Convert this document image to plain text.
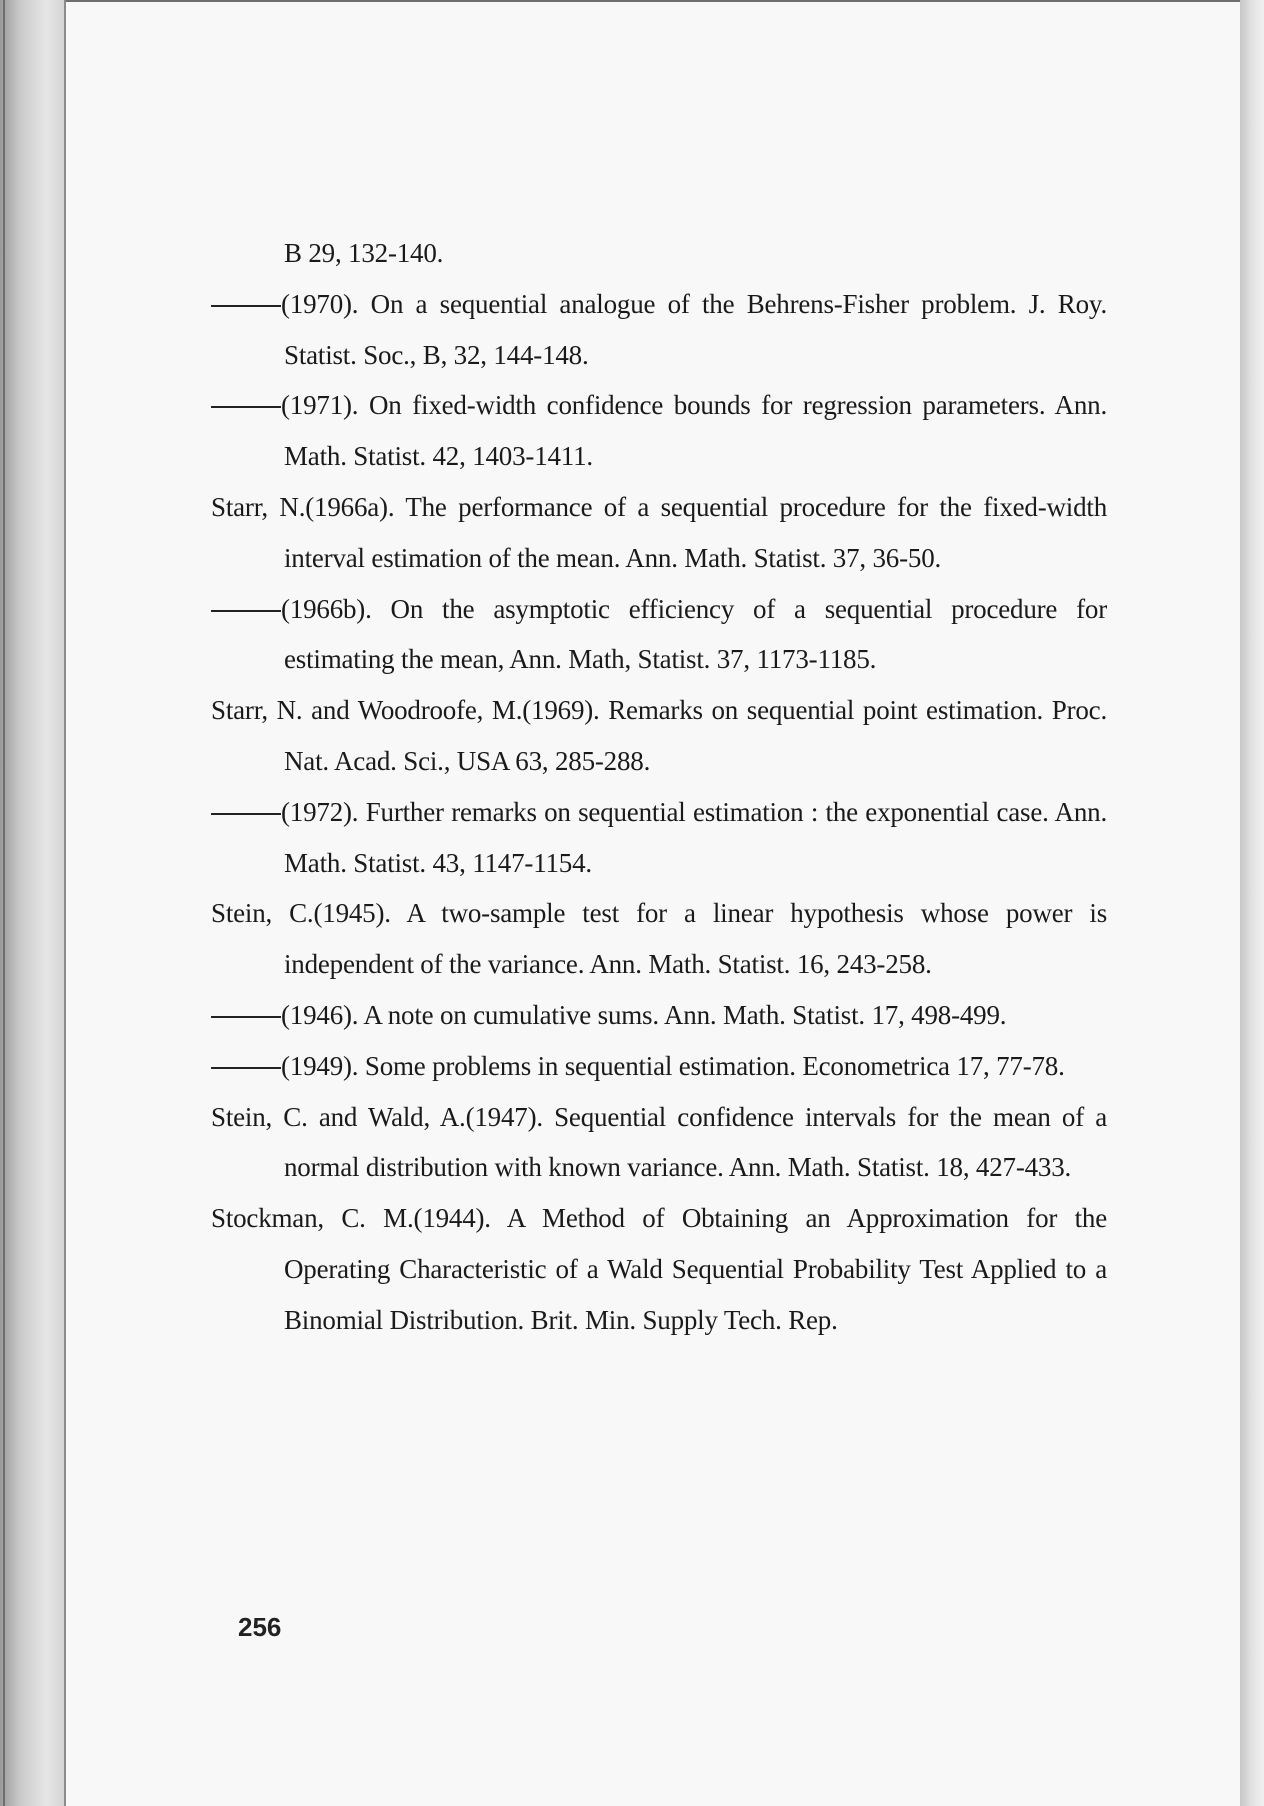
B 29, 132-140.
(1970). On a sequential analogue of the Behrens-Fisher problem. J. Roy. Statist. Soc., B, 32, 144-148.
(1971). On fixed-width confidence bounds for regression parameters. Ann. Math. Statist. 42, 1403-1411.
Starr, N.(1966a). The performance of a sequential procedure for the fixed-width interval estimation of the mean. Ann. Math. Statist. 37, 36-50.
(1966b). On the asymptotic efficiency of a sequential procedure for estimating the mean, Ann. Math, Statist. 37, 1173-1185.
Starr, N. and Woodroofe, M.(1969). Remarks on sequential point estimation. Proc. Nat. Acad. Sci., USA 63, 285-288.
(1972). Further remarks on sequential estimation : the exponential case. Ann. Math. Statist. 43, 1147-1154.
Stein, C.(1945). A two-sample test for a linear hypothesis whose power is independent of the variance. Ann. Math. Statist. 16, 243-258.
(1946). A note on cumulative sums. Ann. Math. Statist. 17, 498-499.
(1949). Some problems in sequential estimation. Econometrica 17, 77-78.
Stein, C. and Wald, A.(1947). Sequential confidence intervals for the mean of a normal distribution with known variance. Ann. Math. Statist. 18, 427-433.
Stockman, C. M.(1944). A Method of Obtaining an Approximation for the Operating Characteristic of a Wald Sequential Probability Test Applied to a Binomial Distribution. Brit. Min. Supply Tech. Rep.
256
